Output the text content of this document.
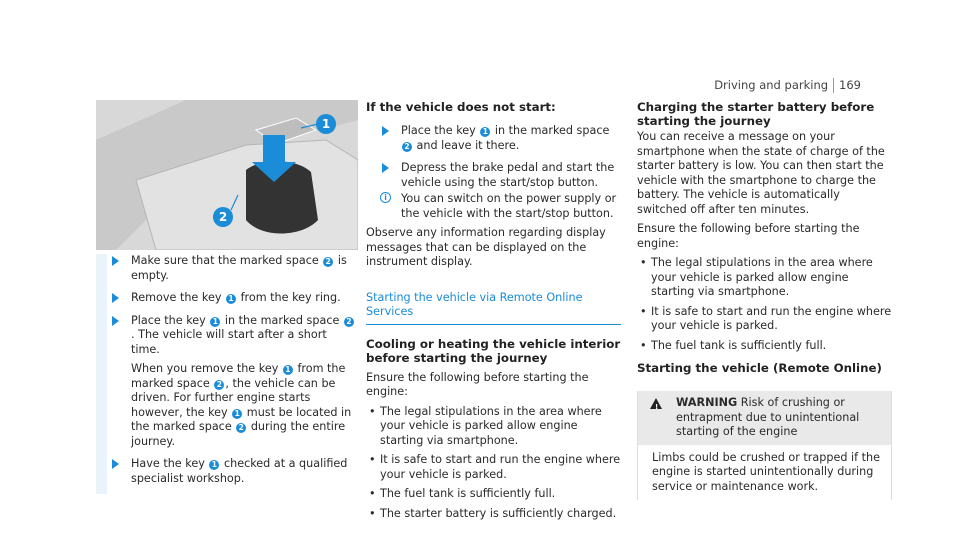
Driving and parking 169
1
2
Make sure that the marked space 2 is empty.
Remove the key 1 from the key ring.

Place the key 1 in the marked space 2. The vehicle will start after a short time.

When you remove the key 1 from the marked space 2 , the vehicle can be driven. For further engine starts however, the key 1 must be located in the marked space 2 during the entire journey.

Have the key 1 checked at a qualified specialist workshop.
If the vehicle does not start:
Place the key 1 in the marked space 2 and leave it there.
Depress the brake pedal and start the vehicle using the start/stop button.
i	You can switch on the power supply or the vehicle with the start/stop button.

Observe any information regarding display messages that can be displayed on the instrument display.

Starting the vehicle via Remote Online Services
Cooling or heating the vehicle interior before starting the journey

Ensure the following before starting the engine:

• The legal stipulations in the area where your vehicle is parked allow engine starting via smartphone.
• It is safe to start and run the engine where your vehicle is parked.
• The fuel tank is sufficiently full.
• The starter battery is sufficiently charged.
Charging the starter battery before starting the journey

You can receive a message on your smartphone when the state of charge of the starter battery is low. You can then start the vehicle with the smartphone to charge the battery. The vehicle is automatically switched off after ten minutes.

Ensure the following before starting the engine:

• The legal stipulations in the area where your vehicle is parked allow engine starting via smartphone.
• It is safe to start and run the engine where your vehicle is parked.
• The fuel tank is sufficiently full.
Starting the vehicle (Remote Online)
! WARNING Risk of crushing or entrapment due to unintentional starting of the engine
Limbs could be crushed or trapped if the engine is started unintentionally during service or maintenance work.
